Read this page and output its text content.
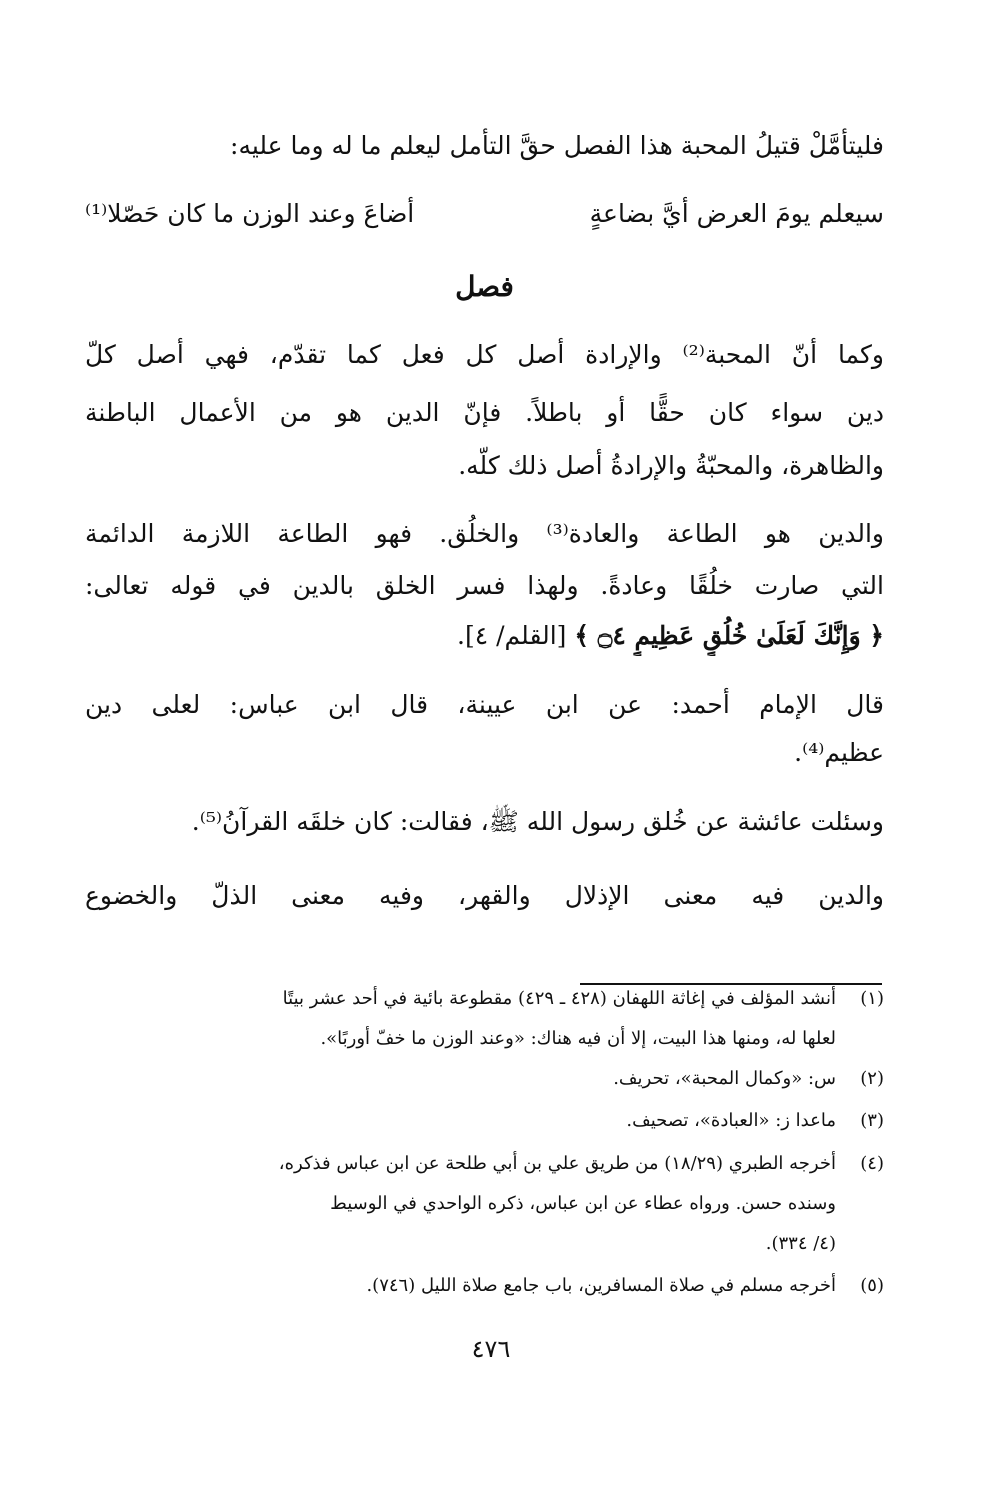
فليتأمَّلْ قتيلُ المحبة هذا الفصل حقَّ التأمل ليعلم ما له وما عليه:
سيعلم يومَ العرض أيَّ بضاعةٍ
أضاعَ وعند الوزن ما كان حَصّلا⁽¹⁾
فصل
وكما أنّ المحبة⁽²⁾ والإرادة أصل كل فعل كما تقدّم، فهي أصل كلّ
دين سواء كان حقًّا أو باطلاً. فإنّ الدين هو من الأعمال الباطنة
والظاهرة، والمحبّةُ والإرادةُ أصل ذلك كلّه.
والدين هو الطاعة والعادة⁽³⁾ والخلُق. فهو الطاعة اللازمة الدائمة
التي صارت خلُقًا وعادةً. ولهذا فسر الخلق بالدين في قوله تعالى:
﴿ وَإِنَّكَ لَعَلَىٰ خُلُقٍ عَظِيمٍ ۝٤ ﴾ [القلم/ ٤].
قال الإمام أحمد: عن ابن عيينة، قال ابن عباس: لعلى دين
عظيم⁽⁴⁾.
وسئلت عائشة عن خُلق رسول الله ﷺ، فقالت: كان خلقَه القرآنُ⁽⁵⁾.
والدين فيه معنى الإذلال والقهر، وفيه معنى الذلّ والخضوع
(١)أنشد المؤلف في إغاثة اللهفان (٤٢٨ ـ ٤٢٩) مقطوعة بائية في أحد عشر بيتًا
لعلها له، ومنها هذا البيت، إلا أن فيه هناك: «وعند الوزن ما خفّ أوربًا».
(٢)س: «وكمال المحبة»، تحريف.
(٣)ماعدا ز: «العبادة»، تصحيف.
(٤)أخرجه الطبري (١٨/٢٩) من طريق علي بن أبي طلحة عن ابن عباس فذكره،
وسنده حسن. ورواه عطاء عن ابن عباس، ذكره الواحدي في الوسيط
(٤/ ٣٣٤).
(٥)أخرجه مسلم في صلاة المسافرين، باب جامع صلاة الليل (٧٤٦).
٤٧٦
